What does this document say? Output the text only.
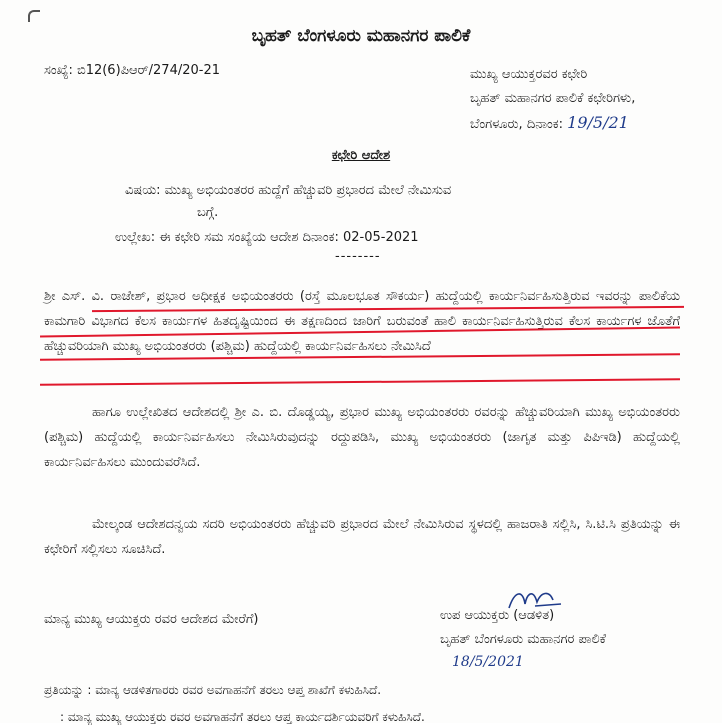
ಬೃಹತ್ ಬೆಂಗಳೂರು ಮಹಾನಗರ ಪಾಲಿಕೆ
ಸಂಖ್ಯೆ: ಬಿ12(6)ಪಿಆರ್/274/20-21	ಮುಖ್ಯ ಆಯುಕ್ತರವರ ಕಛೇರಿ
ಬೃಹತ್ ಮಹಾನಗರ ಪಾಲಿಕೆ ಕಛೇರಿಗಳು,
ಬೆಂಗಳೂರು, ದಿನಾಂಕ: 19/5/21
ಕಛೇರಿ ಆದೇಶ
ವಿಷಯ: ಮುಖ್ಯ ಅಭಿಯಂತರರ ಹುದ್ದೆಗೆ ಹೆಚ್ಚುವರಿ ಪ್ರಭಾರದ ಮೇಲೆ ನೇಮಿಸುವ
ಬಗ್ಗೆ.
ಉಲ್ಲೇಖ: ಈ ಕಛೇರಿ ಸಮ ಸಂಖ್ಯೆಯ ಆದೇಶ ದಿನಾಂಕ: 02-05-2021
--------
ಶ್ರೀ ಎಸ್. ವಿ. ರಾಜೇಶ್, ಪ್ರಭಾರ ಅಧೀಕ್ಷಕ ಅಭಿಯಂತರರು (ರಸ್ತೆ ಮೂಲಭೂತ ಸೌಕರ್ಯ) ಹುದ್ದೆಯಲ್ಲಿ ಕಾರ್ಯನಿರ್ವಹಿಸುತ್ತಿರುವ ಇವರನ್ನು ಪಾಲಿಕೆಯ ಕಾಮಗಾರಿ ವಿಭಾಗದ ಕೆಲಸ ಕಾರ್ಯಗಳ ಹಿತದೃಷ್ಟಿಯಿಂದ ಈ ತಕ್ಷಣದಿಂದ ಜಾರಿಗೆ ಬರುವಂತೆ ಹಾಲಿ ಕಾರ್ಯನಿರ್ವಹಿಸುತ್ತಿರುವ ಕೆಲಸ ಕಾರ್ಯಗಳ ಜೊತೆಗೆ ಹೆಚ್ಚುವರಿಯಾಗಿ ಮುಖ್ಯ ಅಭಿಯಂತರರು (ಪಶ್ಚಿಮ) ಹುದ್ದೆಯಲ್ಲಿ ಕಾರ್ಯನಿರ್ವಹಿಸಲು ನೇಮಿಸಿದೆ
ಹಾಗೂ ಉಲ್ಲೇಖಿತದ ಆದೇಶದಲ್ಲಿ ಶ್ರೀ ಎ. ಬಿ. ದೊಡ್ಡಯ್ಯ, ಪ್ರಭಾರ ಮುಖ್ಯ ಅಭಿಯಂತರರು ರವರನ್ನು ಹೆಚ್ಚುವರಿಯಾಗಿ ಮುಖ್ಯ ಅಭಿಯಂತರರು (ಪಶ್ಚಿಮ) ಹುದ್ದೆಯಲ್ಲಿ ಕಾರ್ಯನಿರ್ವಹಿಸಲು ನೇಮಿಸಿರುವುದನ್ನು ರದ್ದುಪಡಿಸಿ, ಮುಖ್ಯ ಅಭಿಯಂತರರು (ಜಾಗೃತ ಮತ್ತು ಪಿಪಿಇಡಿ) ಹುದ್ದೆಯಲ್ಲಿ ಕಾರ್ಯನಿರ್ವಹಿಸಲು ಮುಂದುವರೆಸಿದೆ.
ಮೇಲ್ಕಂಡ ಆದೇಶದನ್ವಯ ಸದರಿ ಅಭಿಯಂತರರು ಹೆಚ್ಚುವರಿ ಪ್ರಭಾರದ ಮೇಲೆ ನೇಮಿಸಿರುವ ಸ್ಥಳದಲ್ಲಿ ಹಾಜರಾತಿ ಸಲ್ಲಿಸಿ, ಸಿ.ಟಿ.ಸಿ ಪ್ರತಿಯನ್ನು ಈ ಕಛೇರಿಗೆ ಸಲ್ಲಿಸಲು ಸೂಚಿಸಿದೆ.
ಮಾನ್ಯ ಮುಖ್ಯ ಆಯುಕ್ತರು ರವರ ಆದೇಶದ ಮೇರೆಗೆ)	ಉಪ ಆಯುಕ್ತರು (ಆಡಳಿತ)
ಬೃಹತ್ ಬೆಂಗಳೂರು ಮಹಾನಗರ ಪಾಲಿಕೆ
18/5/2021
ಪ್ರತಿಯನ್ನು : ಮಾನ್ಯ ಆಡಳಿತಗಾರರು ರವರ ಅವಗಾಹನೆಗೆ ತರಲು ಆಪ್ತ ಶಾಖೆಗೆ ಕಳುಹಿಸಿದೆ.
: ಮಾನ್ಯ ಮುಖ್ಯ ಆಯುಕ್ತರು ರವರ ಅವಗಾಹನೆಗೆ ತರಲು ಆಪ್ತ ಕಾರ್ಯದರ್ಶಿಯವರಿಗೆ ಕಳುಹಿಸಿದೆ.
